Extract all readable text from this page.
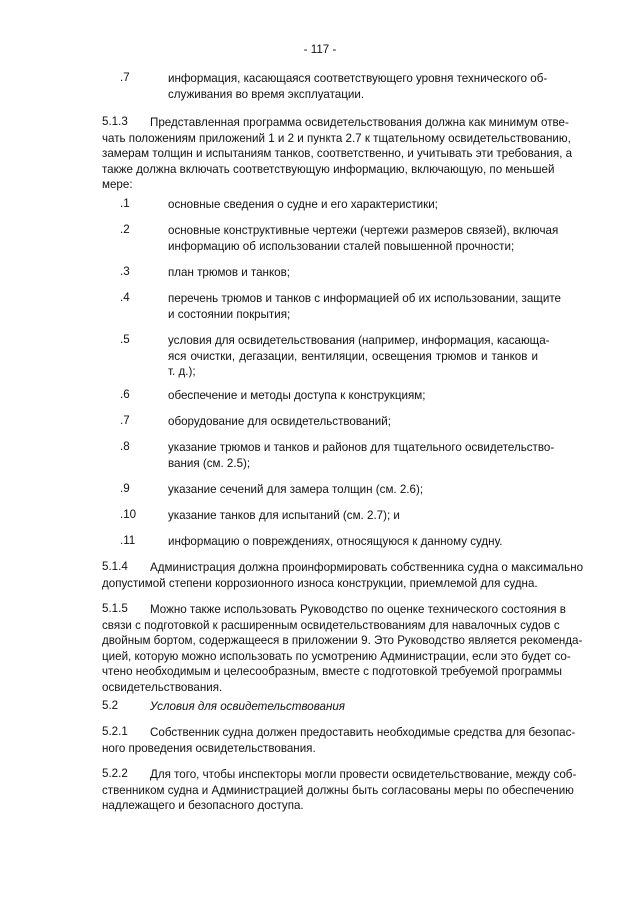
- 117 -
.7	информация, касающаяся соответствующего уровня технического об-
служивания во время эксплуатации.
5.1.3 Представленная программа освидетельствования должна как минимум отве-
чать положениям приложений 1 и 2 и пункта 2.7 к тщательному освидетельствованию,
замерам толщин и испытаниям танков, соответственно, и учитывать эти требования, а
также должна включать соответствующую информацию, включающую, по меньшей
мере:
.1	основные сведения о судне и его характеристики;
.2	основные конструктивные чертежи (чертежи размеров связей), включая
информацию об использовании сталей повышенной прочности;
.3	план трюмов и танков;
.4	перечень трюмов и танков с информацией об их использовании, защите
и состоянии покрытия;
.5	условия для освидетельствования (например, информация, касающа-
яся очистки, дегазации, вентиляции, освещения трюмов и танков и
т. д.);
.6	обеспечение и методы доступа к конструкциям;
.7	оборудование для освидетельствований;
.8	указание трюмов и танков и районов для тщательного освидетельство-
вания (см. 2.5);
.9	указание сечений для замера толщин (см. 2.6);
.10	указание танков для испытаний (см. 2.7); и
.11	информацию о повреждениях, относящуюся к данному судну.
5.1.4 Администрация должна проинформировать собственника судна о максимально
допустимой степени коррозионного износа конструкции, приемлемой для судна.
5.1.5 Можно также использовать Руководство по оценке технического состояния в
связи с подготовкой к расширенным освидетельствованиям для навалочных судов с
двойным бортом, содержащееся в приложении 9. Это Руководство является рекоменда-
цией, которую можно использовать по усмотрению Администрации, если это будет со-
чтено необходимым и целесообразным, вместе с подготовкой требуемой программы
освидетельствования.
5.2	Условия для освидетельствования
5.2.1 Собственник судна должен предоставить необходимые средства для безопас-
ного проведения освидетельствования.
5.2.2 Для того, чтобы инспекторы могли провести освидетельствование, между соб-
ственником судна и Администрацией должны быть согласованы меры по обеспечению
надлежащего и безопасного доступа.
